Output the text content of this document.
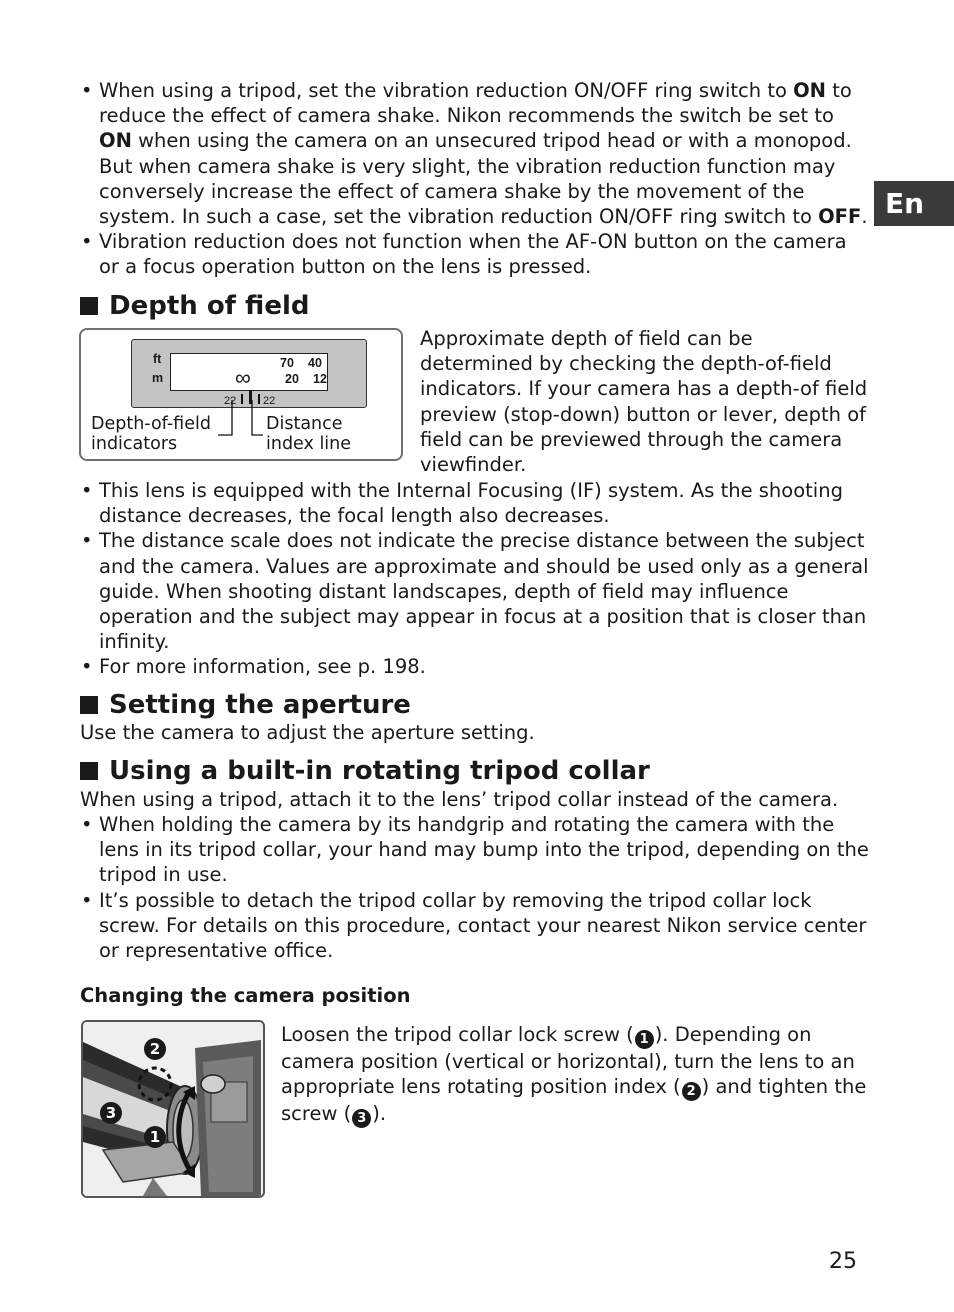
En
• When using a tripod, set the vibration reduction ON/OFF ring switch to ON to reduce the effect of camera shake. Nikon recommends the switch be set to ON when using the camera on an unsecured tripod head or with a monopod. But when camera shake is very slight, the vibration reduction function may conversely increase the effect of camera shake by the movement of the system. In such a case, set the vibration reduction ON/OFF ring switch to OFF.
• Vibration reduction does not function when the AF-ON button on the camera or a focus operation button on the lens is pressed.
Depth of field
ft
m
70 40
20 12
∞
22 22
Depth-of-field
indicators
Distance
index line
Approximate depth of field can be determined by checking the depth-of-field indicators. If your camera has a depth-of field preview (stop-down) button or lever, depth of field can be previewed through the camera viewfinder.
• This lens is equipped with the Internal Focusing (IF) system. As the shooting distance decreases, the focal length also decreases.
• The distance scale does not indicate the precise distance between the subject and the camera. Values are approximate and should be used only as a general guide. When shooting distant landscapes, depth of field may influence operation and the subject may appear in focus at a position that is closer than infinity.
• For more information, see p. 198.
Setting the aperture
Use the camera to adjust the aperture setting.
Using a built-in rotating tripod collar
When using a tripod, attach it to the lens’ tripod collar instead of the camera.
• When holding the camera by its handgrip and rotating the camera with the lens in its tripod collar, your hand may bump into the tripod, depending on the tripod in use.
• It’s possible to detach the tripod collar by removing the tripod collar lock screw. For details on this procedure, contact your nearest Nikon service center or representative office.
Changing the camera position
2
3
1
Loosen the tripod collar lock screw ( 1 ). Depending on camera position (vertical or horizontal), turn the lens to an appropriate lens rotating position index ( 2 ) and tighten the screw ( 3 ).
25
